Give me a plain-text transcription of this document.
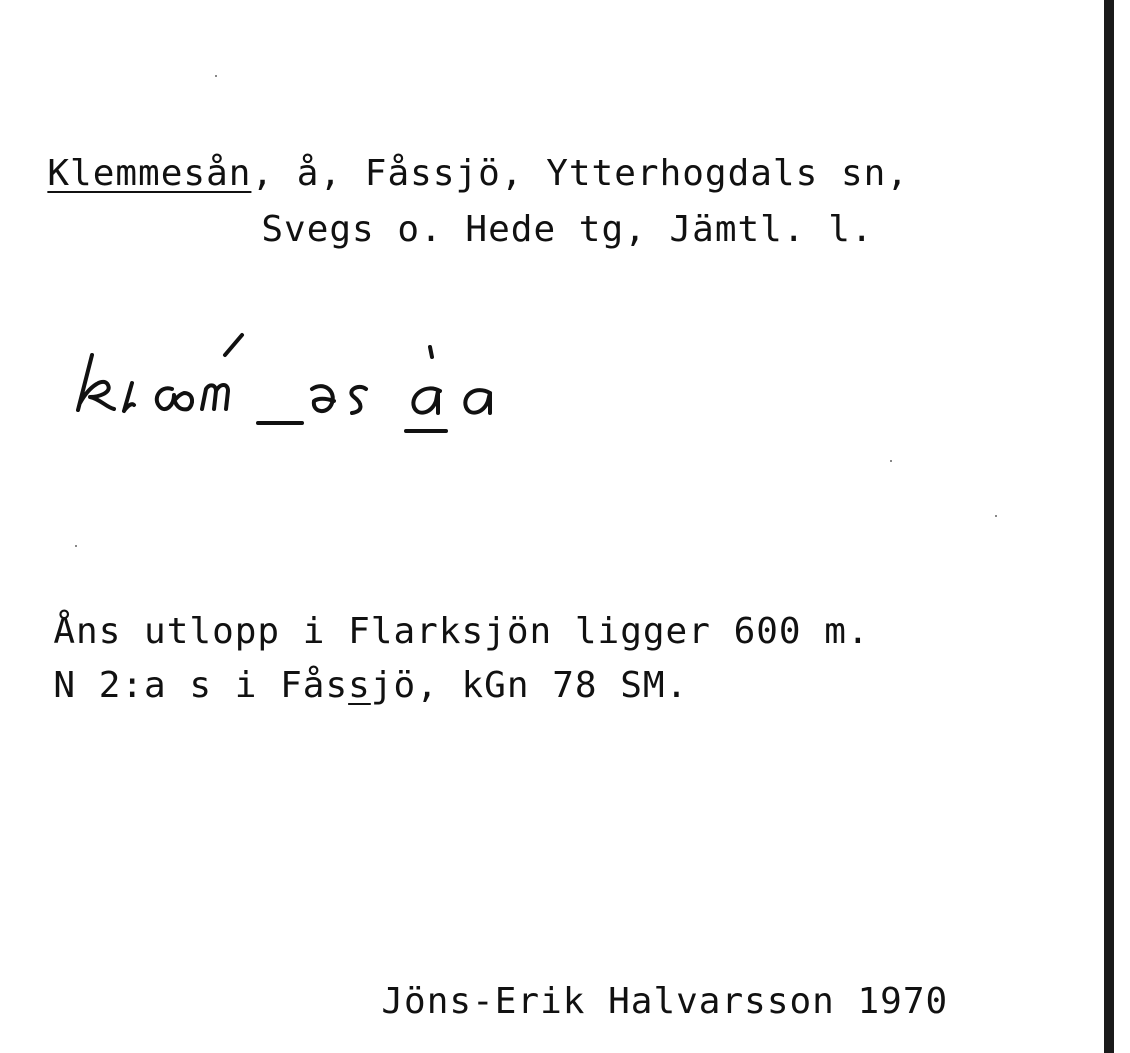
Klemmesån, å, Fåssjö, Ytterhogdals sn,

Svegs o. Hede tg, Jämtl. l.

Åns utlopp i Flarksjön ligger 600 m.

N 2:a s i Fåssjö, kGn 78 SM.

Jöns-Erik Halvarsson 1970
